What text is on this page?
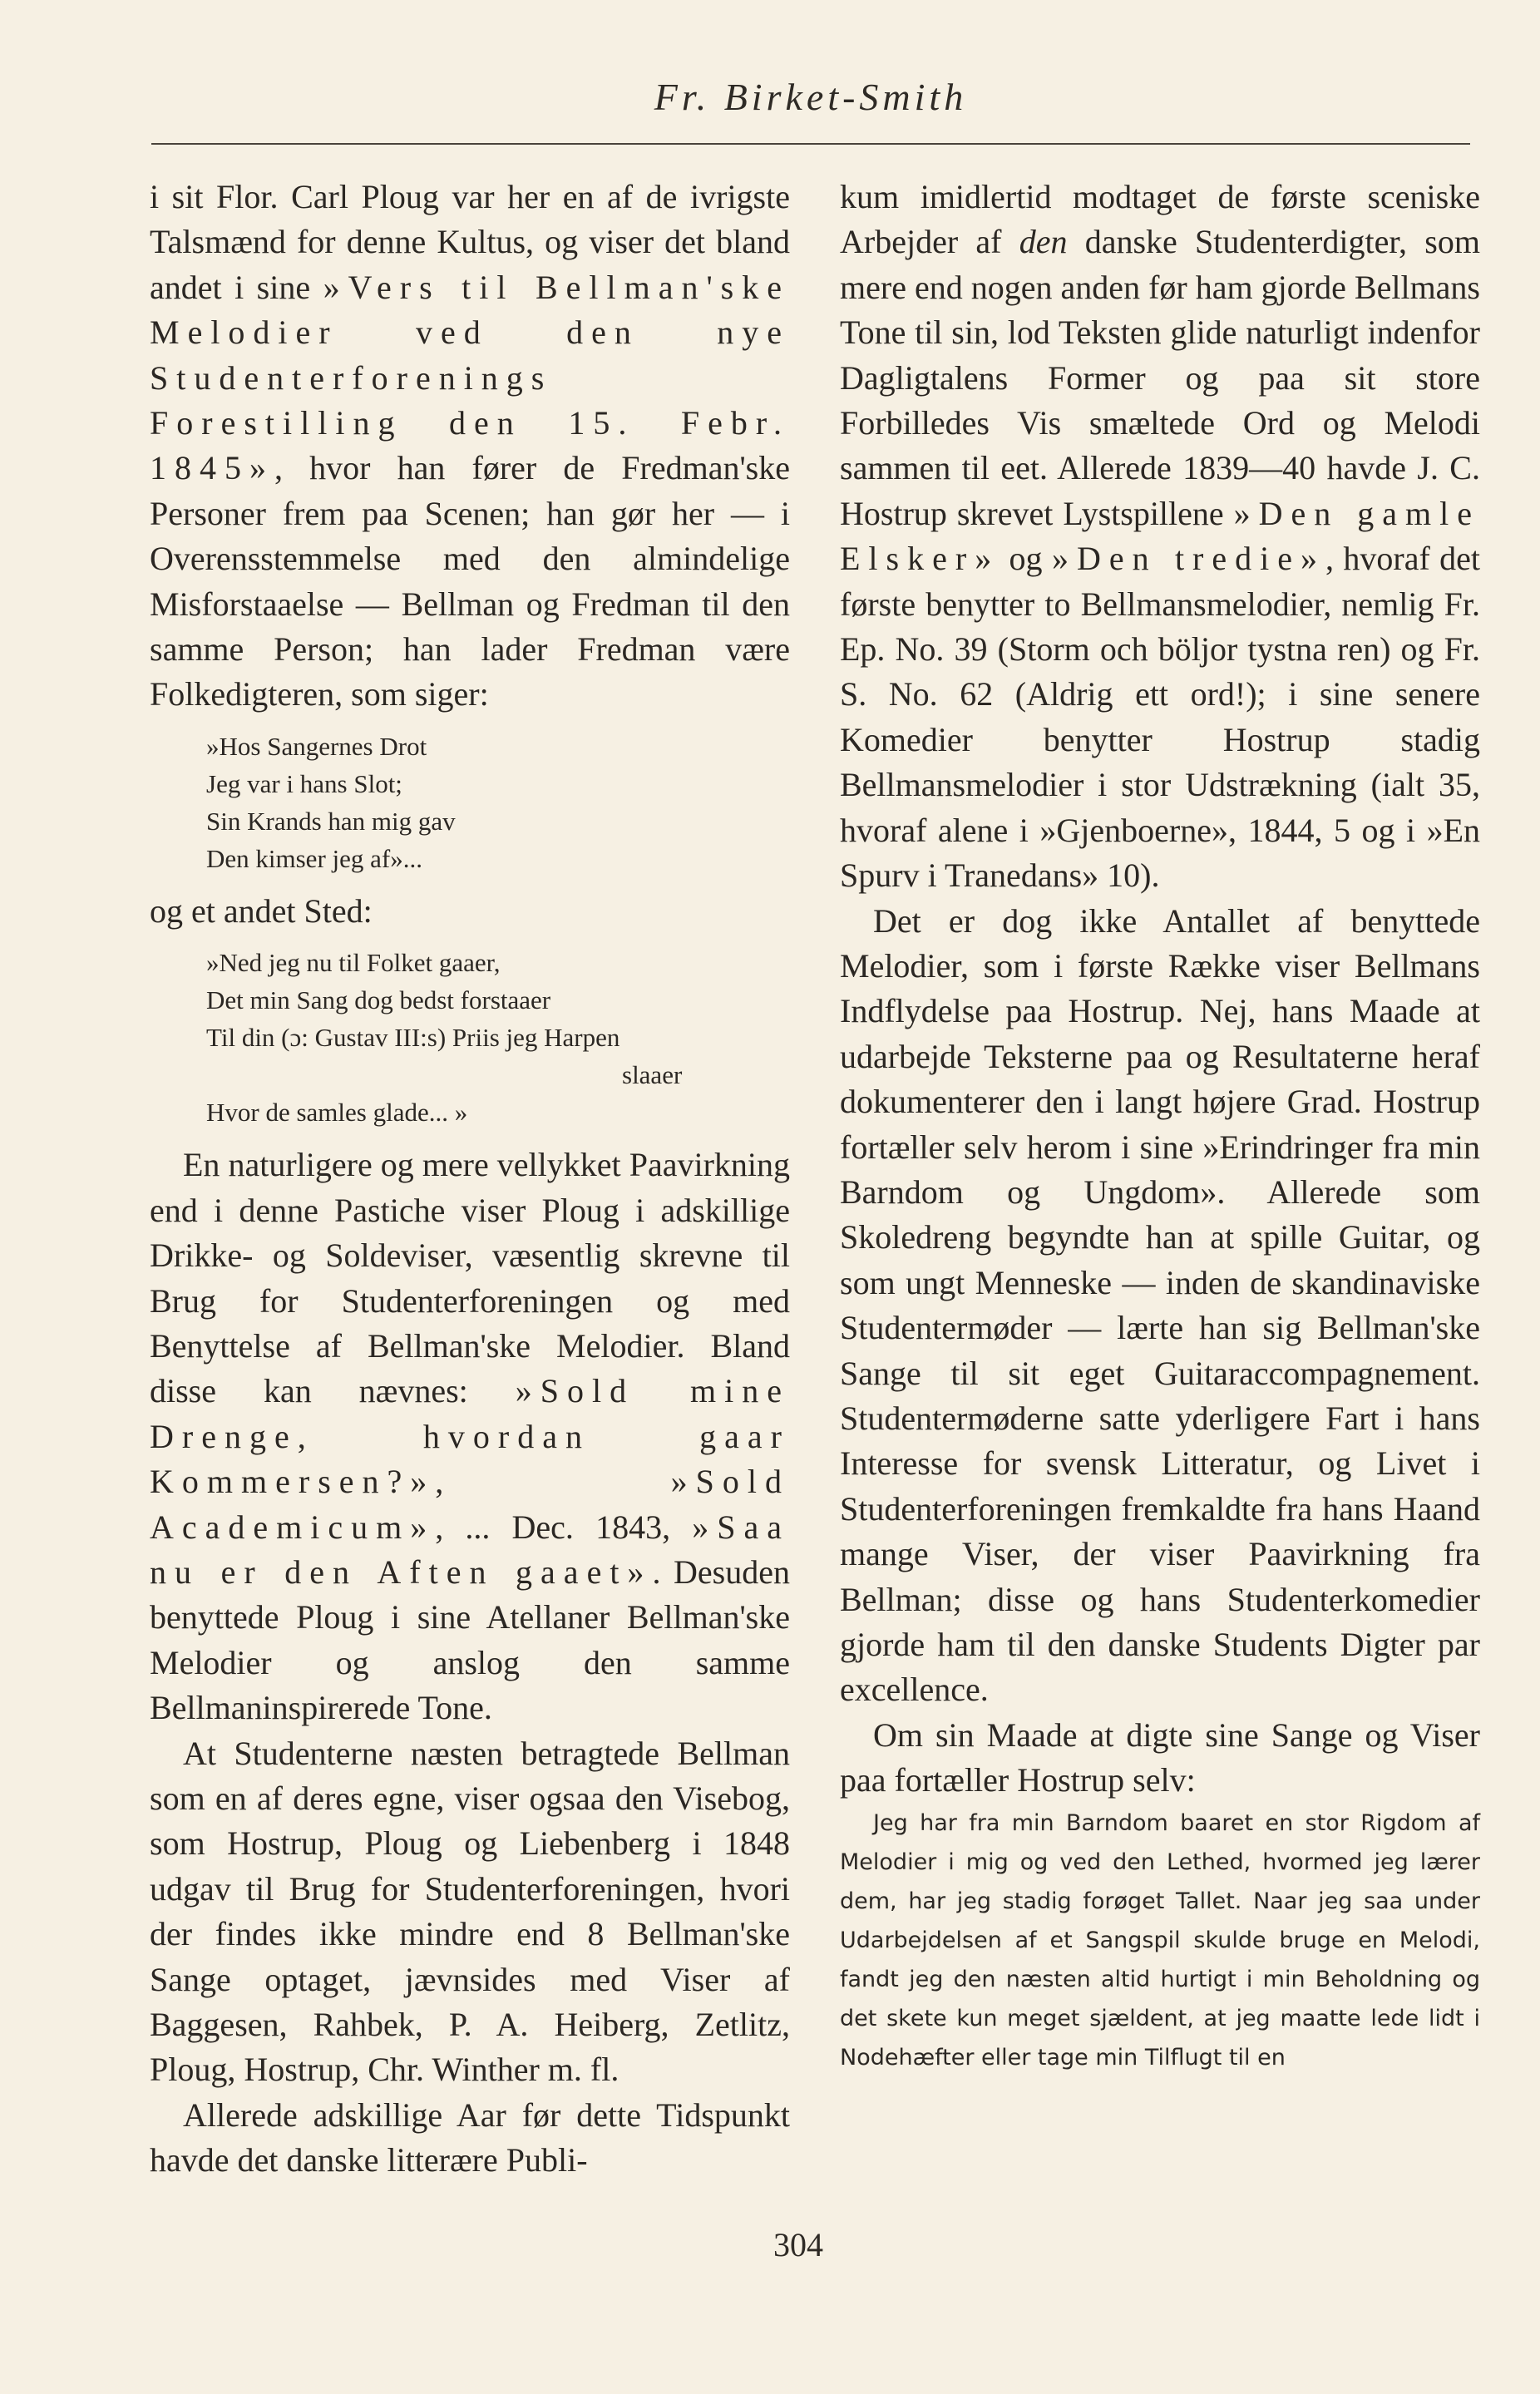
Fr. Birket-Smith

i sit Flor. Carl Ploug var her en af de ivrigste Talsmænd for denne Kultus, og viser det bland andet i sine »Vers til Bellman'ske Melodier ved den nye Studenterforenings Forestilling den 15. Febr. 1845», hvor han fører de Fredman'ske Personer frem paa Scenen; han gør her — i Overensstemmelse med den almindelige Misforstaaelse — Bellman og Fredman til den samme Person; han lader Fredman være Folkedigteren, som siger:

»Hos Sangernes Drot
Jeg var i hans Slot;
Sin Krands han mig gav
Den kimser jeg af»...

og et andet Sted:

»Ned jeg nu til Folket gaaer,
Det min Sang dog bedst forstaaer
Til din (ɔ: Gustav III:s) Priis jeg Harpen
slaaer
Hvor de samles glade... »

En naturligere og mere vellykket Paavirkning end i denne Pastiche viser Ploug i adskillige Drikke- og Soldeviser, væsentlig skrevne til Brug for Studenterforeningen og med Benyttelse af Bellman'ske Melodier. Bland disse kan nævnes: »Sold mine Drenge, hvordan gaar Kommersen?», »Sold Academicum», ... Dec. 1843, »Saa nu er den Aften gaaet». Desuden benyttede Ploug i sine Atellaner Bellman'ske Melodier og anslog den samme Bellmaninspirerede Tone.

At Studenterne næsten betragtede Bellman som en af deres egne, viser ogsaa den Visebog, som Hostrup, Ploug og Liebenberg i 1848 udgav til Brug for Studenterforeningen, hvori der findes ikke mindre end 8 Bellman'ske Sange optaget, jævnsides med Viser af Baggesen, Rahbek, P. A. Heiberg, Zetlitz, Ploug, Hostrup, Chr. Winther m. fl.

Allerede adskillige Aar før dette Tidspunkt havde det danske litterære Publi-

kum imidlertid modtaget de første sceniske Arbejder af den danske Studenterdigter, som mere end nogen anden før ham gjorde Bellmans Tone til sin, lod Teksten glide naturligt indenfor Dagligtalens Former og paa sit store Forbilledes Vis smæltede Ord og Melodi sammen til eet. Allerede 1839—40 havde J. C. Hostrup skrevet Lystspillene »Den gamle Elsker» og »Den tredie», hvoraf det første benytter to Bellmansmelodier, nemlig Fr. Ep. No. 39 (Storm och böljor tystna ren) og Fr. S. No. 62 (Aldrig ett ord!); i sine senere Komedier benytter Hostrup stadig Bellmansmelodier i stor Udstrækning (ialt 35, hvoraf alene i »Gjenboerne», 1844, 5 og i »En Spurv i Tranedans» 10).

Det er dog ikke Antallet af benyttede Melodier, som i første Række viser Bellmans Indflydelse paa Hostrup. Nej, hans Maade at udarbejde Teksterne paa og Resultaterne heraf dokumenterer den i langt højere Grad. Hostrup fortæller selv herom i sine »Erindringer fra min Barndom og Ungdom». Allerede som Skoledreng begyndte han at spille Guitar, og som ungt Menneske — inden de skandinaviske Studentermøder — lærte han sig Bellman'ske Sange til sit eget Guitaraccompagnement. Studentermøderne satte yderligere Fart i hans Interesse for svensk Litteratur, og Livet i Studenterforeningen fremkaldte fra hans Haand mange Viser, der viser Paavirkning fra Bellman; disse og hans Studenterkomedier gjorde ham til den danske Students Digter par excellence.

Om sin Maade at digte sine Sange og Viser paa fortæller Hostrup selv:

Jeg har fra min Barndom baaret en stor Rigdom af Melodier i mig og ved den Lethed, hvormed jeg lærer dem, har jeg stadig forøget Tallet. Naar jeg saa under Udarbejdelsen af et Sangspil skulde bruge en Melodi, fandt jeg den næsten altid hurtigt i min Beholdning og det skete kun meget sjældent, at jeg maatte lede lidt i Nodehæfter eller tage min Tilflugt til en

304
